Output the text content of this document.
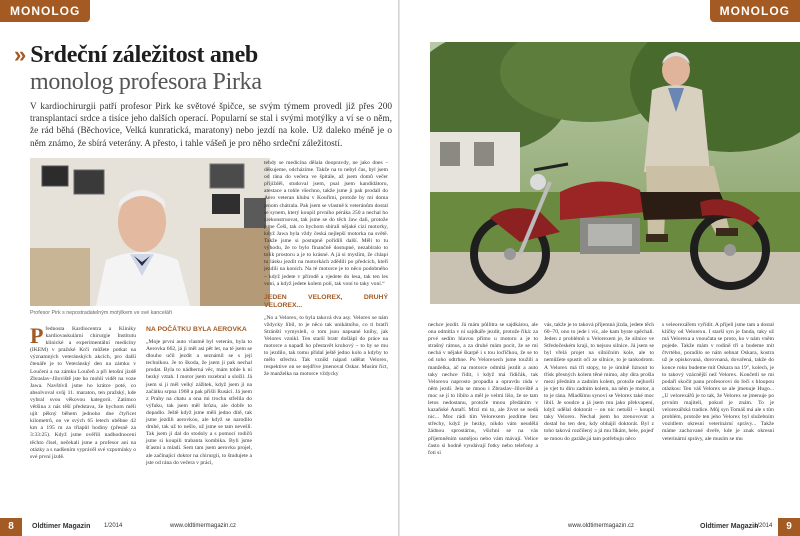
MONOLOG
» Srdeční záležitost aneb
monolog profesora Pirka

V kardiochirurgii patří profesor Pirk ke světové špičce, se svým týmem provedl již přes 200 transplantací srdce a tisíce jeho dalších operací. Popularní se stal i svými motýlky a ví se o něm, že rád běhá (Běchovice, Velká kunratická, maratony) nebo jezdí na kole. Už daleko méně je o něm známo, že sbírá veterány. A přesto, i tahle vášeň je pro něho srdeční záležitostí.

Profesor Pirk s nepostradatelným motýlkem ve své kanceláři

Přednosta Kardiocentra a Kliniky kardiovaskulární chirurgie Institutu klinické a experimentální medicíny (IKEM) v pražské Krči můžete potkat na významných veteránských akcích, pro další čtenáře je to Veteránský den na zámku v Loučeni a na zámku Loučeň a při letošní jízdě Zbraslav–Jíloviště jste ho mohli vidět na voze Jawa. Navštívil jsme ho krátce poté, co absolvoval svůj 11. maraton, ten pražský, kde vybral svou věkovou kategorii. Zatímco většina z nás těší představa, že bychom měli ujít pěkný během jednoho dne čtyřicet kilometrů, on ve svých 65 letech uběhne 42 km a 195 m za třiapůl hodiny (přesně za 3:33:25). Když jsme ověřili nadhodnocení těchto čísel, nečekali jsme a profesor ani na otázky a s nadšením vyprávěl své vzpomínky o své první jízdě.

NA POČÁTKU BYLA AEROVKA

„Moje první auto vlastně byl veterán, byla to Aerovka 662, já ji měl asi pět let, na té jsem se dlouho učil jezdit a seznámil se s její technikou. Je to škoda, že jsem ji pak nechal prodat. Byla to nádherná věc, mám tohle k ní hezký vztah. I motor jsem rozebral a složil. Já jsem si ji měl velký zážitek, když jsem ji na začátku srpna 1968 a pak přišli Rusáci. Já jsem z Prahy na chatu a ona mi trochu střelila do výfuku, tak jsem měl hrůzu, ale dobře to dopadlo. Ještě když jsme měli jedno dítě, tak jsme jezdili aerovkou, ale když se narodilo druhé, tak už to nešlo, už jsme se tam nevešli. Tak jsem ji dal do stodoly a s pomocí rodičů jsme si koupili trabanta kombika. Byli jsme šťastní a mladí. Sem tam jsem aerovku projel, ale začínající doktor na chirurgii, to študujete a jste od rána do večera v práci,

tehdy se medicína dělala doopravdy, ne jako dnes – děkujeme, odcházíme. Takže na to nebyl čas, byl jsem od rána do večera ve špitále, až jsem domů večer přijížděl, studoval jsem, psal jsem kandidátoru, atestace a tohle všechno, takže jsme ji pak prodali do Aero veteran klubu v Kouřimi, protože by mi doma jenom chátrala. Pak jsem se vlastně k veteránům dostal se synem, který koupil prvního péráka 250 a nechal ho zrekonstruovat, tak jsme se do těch Jaw dali, protože jsme Češi, tak co bychom sbírali nějaké cizí motorky, když Jawa byla vždy česká nejlepší motorka na světě. Takže jsme si postupně pořídili další. Měli to tu výhodu, že to bylo finančně dostupné, nezabíralo to tolik prostoru a je to krásné. A já si myslím, že chlapi tu lásku jezdit na motorkách zdědili po předcích, kteří jezdili na koních. Na té motorce je to něco podobného – když jedete v přírodě a vjedete do lesa, tak ten les voní, a když jedete kolem polí, tak voní to taky voní.“

JEDEN VELOREX, DRUHÝ VELOREX...

„No a Velorex, to byla taková dva asy. Velorex se nám vždycky líbil, to je něco tak unikátního, co ti bratři Stránští vymysleli, o tom jsou napsané knihy, jak Velorex vznikl. Ten starší bratr došlápl do práce na motorce a napadl ho přestavět kruhový – to by se mu to jezdilo, tak tomu přidal ještě jedno kolo a kdyby to mělo střechu. Tak vznikl nápad udělat Velorex, respektive on se nejdříve jmenoval Oskar. Musím říct, že manželka na motorce vždycky

8	Oldtimer Magazin 1/2014	www.oldtimermagazin.cz
MONOLOG

nechce jezdit. Já mám půllitra se sajdkárou, ale ona odmítla v ní sajdkáře jezdit, protože říká: za prvé sedím hlavou přímo u motoru a je to strašný rámus, a za druhé mám pocit, že se mi nechá v nějaké škarpě i s tou loďičkou, že se to od toho odtrhne. Po Velorexech jsme toužili a manželka, ač na motorce odmítá jezdit a auto taky nechce řídit, i když má řidičák, tak Velorexu naprosto propadla a opravdu ráda v něm jezdí. Jela se mnou i Zbraslav–Jíloviště a moc se jí to líbilo a měl je velmi lišo, že se tam letos nedostanu, protože mnou předáním v kazaňské Antaří. Mrzí mi to, ale život se nedá nic... Moc rádi tím Velorexem jezdíme bez střechy, když je hezky, nikdo vám neudělá žádnou sprostárnu, všichni se na vás příjemněním usmějou nebo vám mávají. Velice často si hodně vyndávají fotky nebo telefony a foti si

vás, takže je to taková příjemná jízda, jedete těch 60–70, ono to jede i víc, ale kam byste spěchali. Jeden z problémů u Velorexem je, že silnice ve Středočeském kraji, to nejsou silnice. Já jsem se byl vřelá projet na silničním kole, ale to nemůžete spustit oči ze silnice, to je tankodrom. A Velorex má tři stopy, to je úmlně liznout to třísk přesných kolem těné mimo, aby díra prošla mezi předním a zadním kolem, protože nejhorší je vjet tu díru zadním kolem, na něm je motor, a to je rána. Mladšímu synovi se Velorex také moc líbil. Je soudce a já jsem mu jako překvapení, když udělal doktorát – on nic netušil – koupil taky Velorex. Nechal jsem ho zrenovovat a dostal ho ten den, kdy obhájil doktorát. Byl z toho taková rozčilený a já mu říkám, hele, pojeď se mnou do garáže,já tam potřebuju něco

s veleorexářem vyřídit. A přijeli jsme tam a dostal klíčky od Velorexu. I starší syn je fanda, taky už má Velorexa a vnoučata se proto, ko v nám vněm pojede. Takže mám v rodině tři a budeme mít čtvrtého, poradilo se nám sehnat Oskara, kostra už je opiskovaná, dorovnaná, dovařená, takže do konce roku budeme mít Oskara na 19", kolech, je to takový vzácnější než Velorex. Končetli se mi podaří skočit panu profesorovi do řeči s hloupou otázkou: Ten váš Velorex se ale jmenuje Hugo... „U velorexářů je to tak, že Velorex se jmenuje po prvním majiteli, pokud je znám. To je velorexářská tradice. Můj syn Tomáš má ale s tím problém, protože ten jeho Velorex byl služebním vozidlem okresní veterinární správy... Takže máme zachované dveře, kde je znak okresní veterinární správy, ale musím se mu

www.oldtimermagazin.cz	Oldtimer Magazin
1/2014	9
